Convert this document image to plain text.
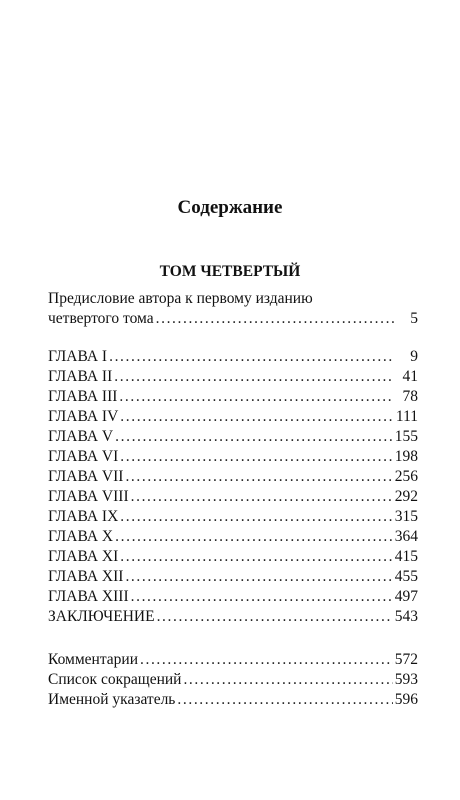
Содержание
ТОМ ЧЕТВЕРТЫЙ
Предисловие автора к первому изданию
четвертого тома .....	5
ГЛАВА I .....	9
ГЛАВА II .....	41
ГЛАВА III .....	78
ГЛАВА IV .....	111
ГЛАВА V .....	155
ГЛАВА VI .....	198
ГЛАВА VII .....	256
ГЛАВА VIII .....	292
ГЛАВА IX .....	315
ГЛАВА X .....	364
ГЛАВА XI .....	415
ГЛАВА XII .....	455
ГЛАВА XIII .....	497
ЗАКЛЮЧЕНИЕ .....	543
Комментарии .....	572
Список сокращений .....	593
Именной указатель .....	596
